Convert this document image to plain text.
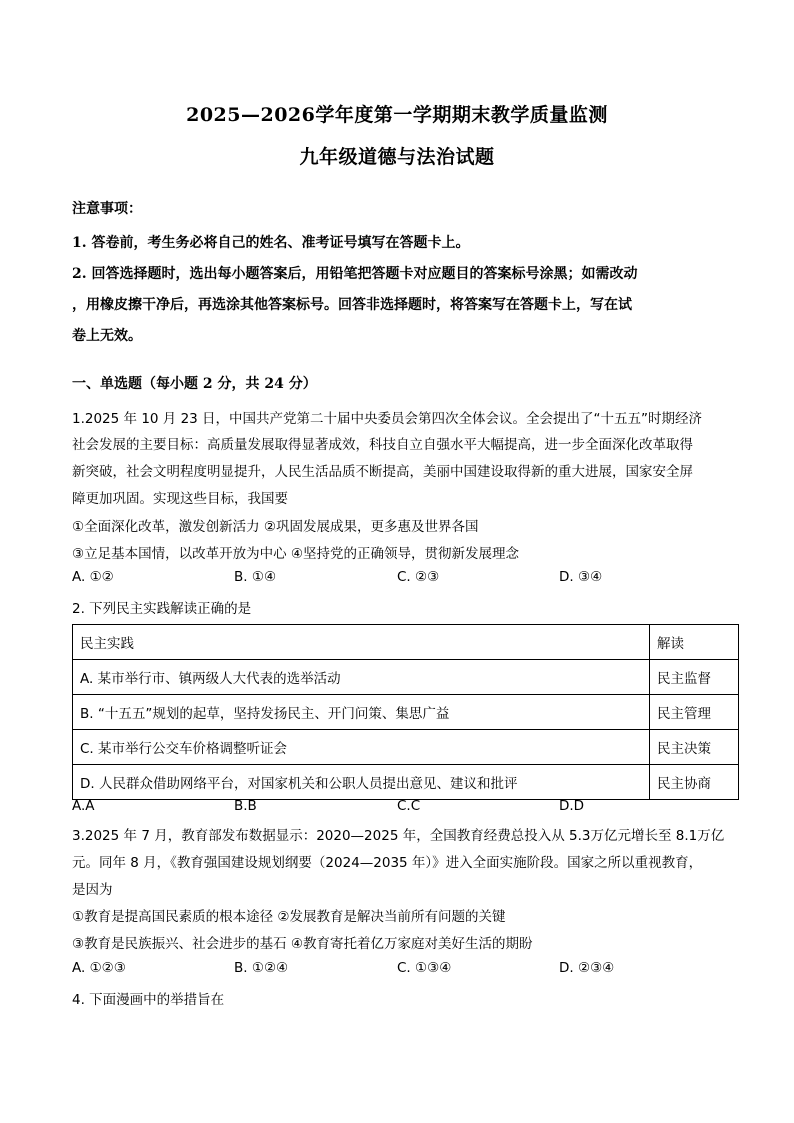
2025—2026学年度第一学期期末教学质量监测
九年级道德与法治试题
注意事项：
1. 答卷前，考生务必将自己的姓名、准考证号填写在答题卡上。
2. 回答选择题时，选出每小题答案后，用铅笔把答题卡对应题目的答案标号涂黑；如需改动
，用橡皮擦干净后，再选涂其他答案标号。回答非选择题时，将答案写在答题卡上，写在试
卷上无效。
一、单选题（每小题 2 分，共 24 分）
1.2025 年 10 月 23 日，中国共产党第二十届中央委员会第四次全体会议。全会提出了“十五五”时期经济
社会发展的主要目标：高质量发展取得显著成效，科技自立自强水平大幅提高，进一步全面深化改革取得
新突破，社会文明程度明显提升，人民生活品质不断提高，美丽中国建设取得新的重大进展，国家安全屏
障更加巩固。实现这些目标，我国要
①全面深化改革，激发创新活力 ②巩固发展成果，更多惠及世界各国
③立足基本国情，以改革开放为中心 ④坚持党的正确领导，贯彻新发展理念
A. ①②	B. ①④	C. ②③	D. ③④
2. 下列民主实践解读正确的是
民主实践	解读
A. 某市举行市、镇两级人大代表的选举活动	民主监督
B. “十五五”规划的起草，坚持发扬民主、开门问策、集思广益	民主管理
C. 某市举行公交车价格调整听证会	民主决策
D. 人民群众借助网络平台，对国家机关和公职人员提出意见、建议和批评	民主协商
A.A	B.B	C.C	D.D
3.2025 年 7 月，教育部发布数据显示：2020—2025 年，全国教育经费总投入从 5.3万亿元增长至 8.1万亿
元。同年 8 月，《教育强国建设规划纲要（2024—2035 年）》进入全面实施阶段。国家之所以重视教育，
是因为
①教育是提高国民素质的根本途径 ②发展教育是解决当前所有问题的关键
③教育是民族振兴、社会进步的基石 ④教育寄托着亿万家庭对美好生活的期盼
A. ①②③	B. ①②④	C. ①③④	D. ②③④
4. 下面漫画中的举措旨在
